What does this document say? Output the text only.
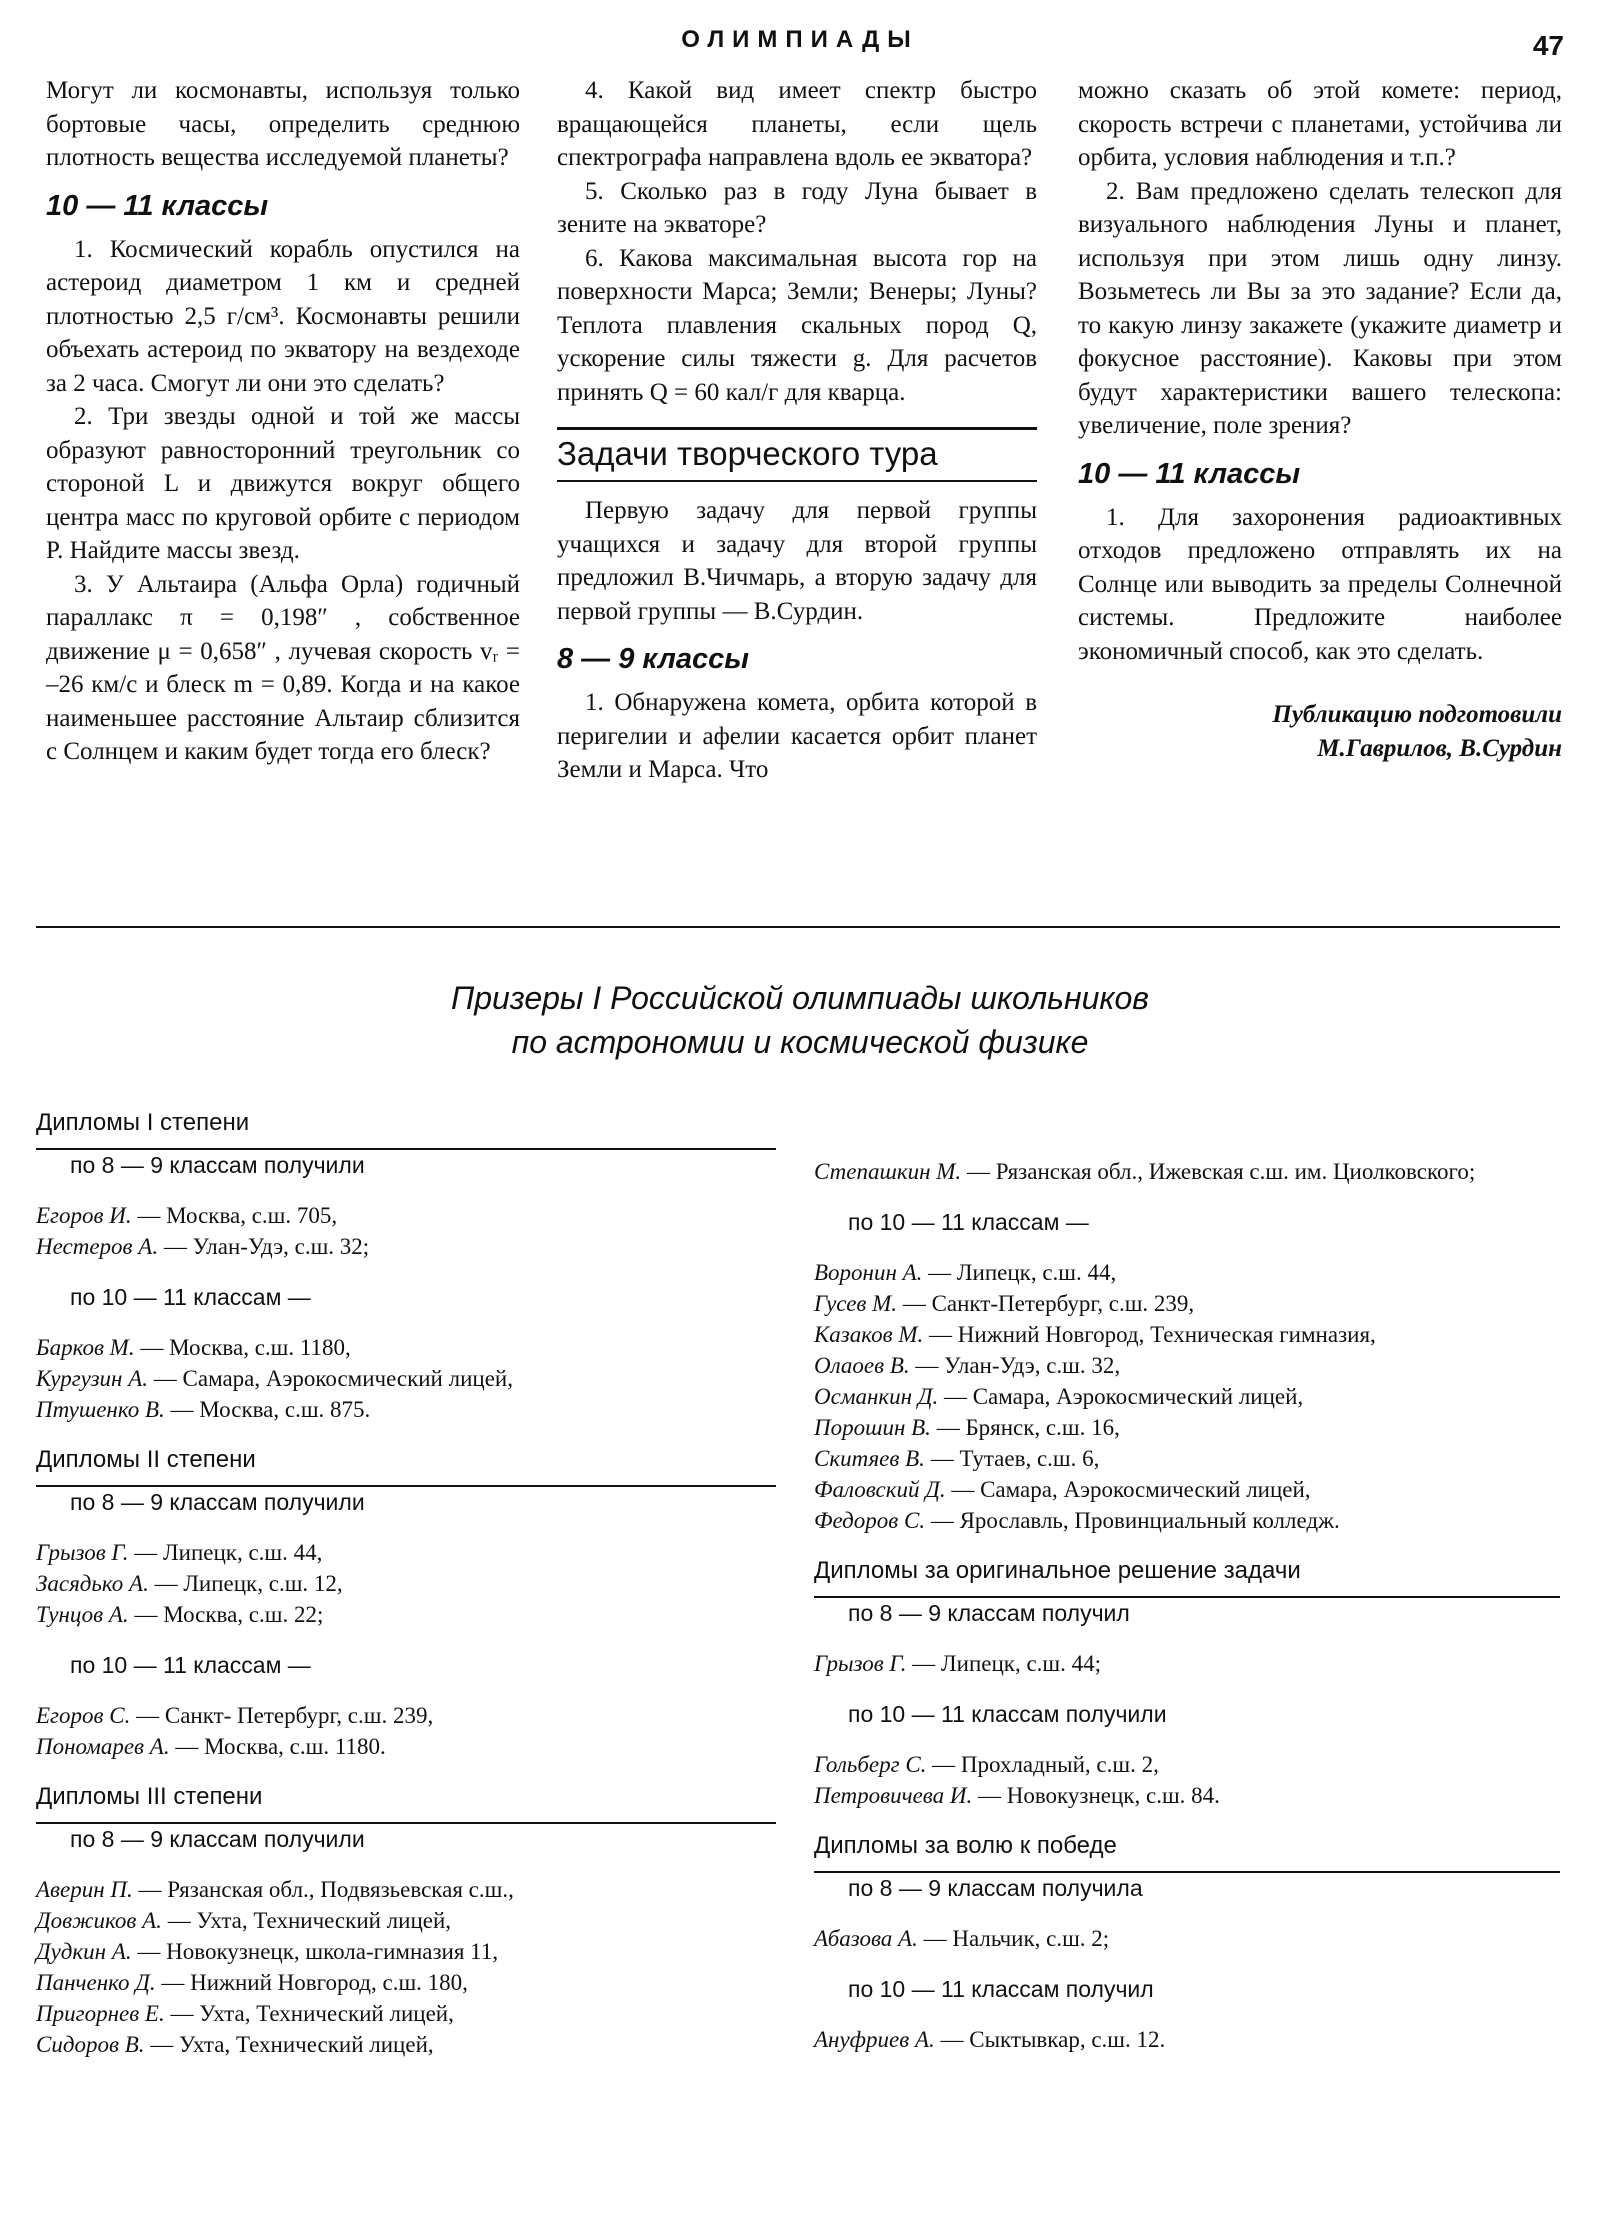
ОЛИМПИАДЫ	47

Могут ли космонавты, используя только бортовые часы, определить среднюю плотность вещества исследуемой планеты?

10 — 11 классы

1. Космический корабль опустился на астероид диаметром 1 км и средней плотностью 2,5 г/см³. Космонавты решили объехать астероид по экватору на вездеходе за 2 часа. Смогут ли они это сделать?

2. Три звезды одной и той же массы образуют равносторонний треугольник со стороной L и движутся вокруг общего центра масс по круговой орбите с периодом P. Найдите массы звезд.

3. У Альтаира (Альфа Орла) годичный параллакс π = 0,198″ , собственное движение μ = 0,658″ , лучевая скорость vᵣ = –26 км/с и блеск m = 0,89. Когда и на какое наименьшее расстояние Альтаир сблизится с Солнцем и каким будет тогда его блеск?

4. Какой вид имеет спектр быстро вращающейся планеты, если щель спектрографа направлена вдоль ее экватора?

5. Сколько раз в году Луна бывает в зените на экваторе?

6. Какова максимальная высота гор на поверхности Марса; Земли; Венеры; Луны? Теплота плавления скальных пород Q, ускорение силы тяжести g. Для расчетов принять Q = 60 кал/г для кварца.

Задачи творческого тура

Первую задачу для первой группы учащихся и задачу для второй группы предложил В.Чичмарь, а вторую задачу для первой группы — В.Сурдин.

8 — 9 классы

1. Обнаружена комета, орбита которой в перигелии и афелии касается орбит планет Земли и Марса. Что

можно сказать об этой комете: период, скорость встречи с планетами, устойчива ли орбита, условия наблюдения и т.п.?

2. Вам предложено сделать телескоп для визуального наблюдения Луны и планет, используя при этом лишь одну линзу. Возьметесь ли Вы за это задание? Если да, то какую линзу закажете (укажите диаметр и фокусное расстояние). Каковы при этом будут характеристики вашего телескопа: увеличение, поле зрения?

10 — 11 классы

1. Для захоронения радиоактивных отходов предложено отправлять их на Солнце или выводить за пределы Солнечной системы. Предложите наиболее экономичный способ, как это сделать.

Публикацию подготовили
М.Гаврилов, В.Сурдин
Призеры I Российской олимпиады школьников
по астрономии и космической физике
Дипломы I степени
по 8 — 9 классам получили
Егоров И. — Москва, с.ш. 705,
Нестеров А. — Улан-Удэ, с.ш. 32;
по 10 — 11 классам —
Барков М. — Москва, с.ш. 1180,
Кургузин А. — Самара, Аэрокосмический лицей,
Птушенко В. — Москва, с.ш. 875.
Дипломы II степени
по 8 — 9 классам получили
Грызов Г. — Липецк, с.ш. 44,
Засядько А. — Липецк, с.ш. 12,
Тунцов А. — Москва, с.ш. 22;
по 10 — 11 классам —
Егоров С. — Санкт- Петербург, с.ш. 239,
Пономарев А. — Москва, с.ш. 1180.
Дипломы III степени
по 8 — 9 классам получили
Аверин П. — Рязанская обл., Подвязьевская с.ш.,
Довжиков А. — Ухта, Технический лицей,
Дудкин А. — Новокузнецк, школа-гимназия 11,
Панченко Д. — Нижний Новгород, с.ш. 180,
Пригорнев Е. — Ухта, Технический лицей,
Сидоров В. — Ухта, Технический лицей,
Степашкин М. — Рязанская обл., Ижевская с.ш. им. Циолковского;
по 10 — 11 классам —
Воронин А. — Липецк, с.ш. 44,
Гусев М. — Санкт-Петербург, с.ш. 239,
Казаков М. — Нижний Новгород, Техническая гимназия,
Олаоев В. — Улан-Удэ, с.ш. 32,
Османкин Д. — Самара, Аэрокосмический лицей,
Порошин В. — Брянск, с.ш. 16,
Скитяев В. — Тутаев, с.ш. 6,
Фаловский Д. — Самара, Аэрокосмический лицей,
Федоров С. — Ярославль, Провинциальный колледж.
Дипломы за оригинальное решение задачи
по 8 — 9 классам получил
Грызов Г. — Липецк, с.ш. 44;
по 10 — 11 классам получили
Гольберг С. — Прохладный, с.ш. 2,
Петровичева И. — Новокузнецк, с.ш. 84.
Дипломы за волю к победе
по 8 — 9 классам получила
Абазова А. — Нальчик, с.ш. 2;
по 10 — 11 классам получил
Ануфриев А. — Сыктывкар, с.ш. 12.
